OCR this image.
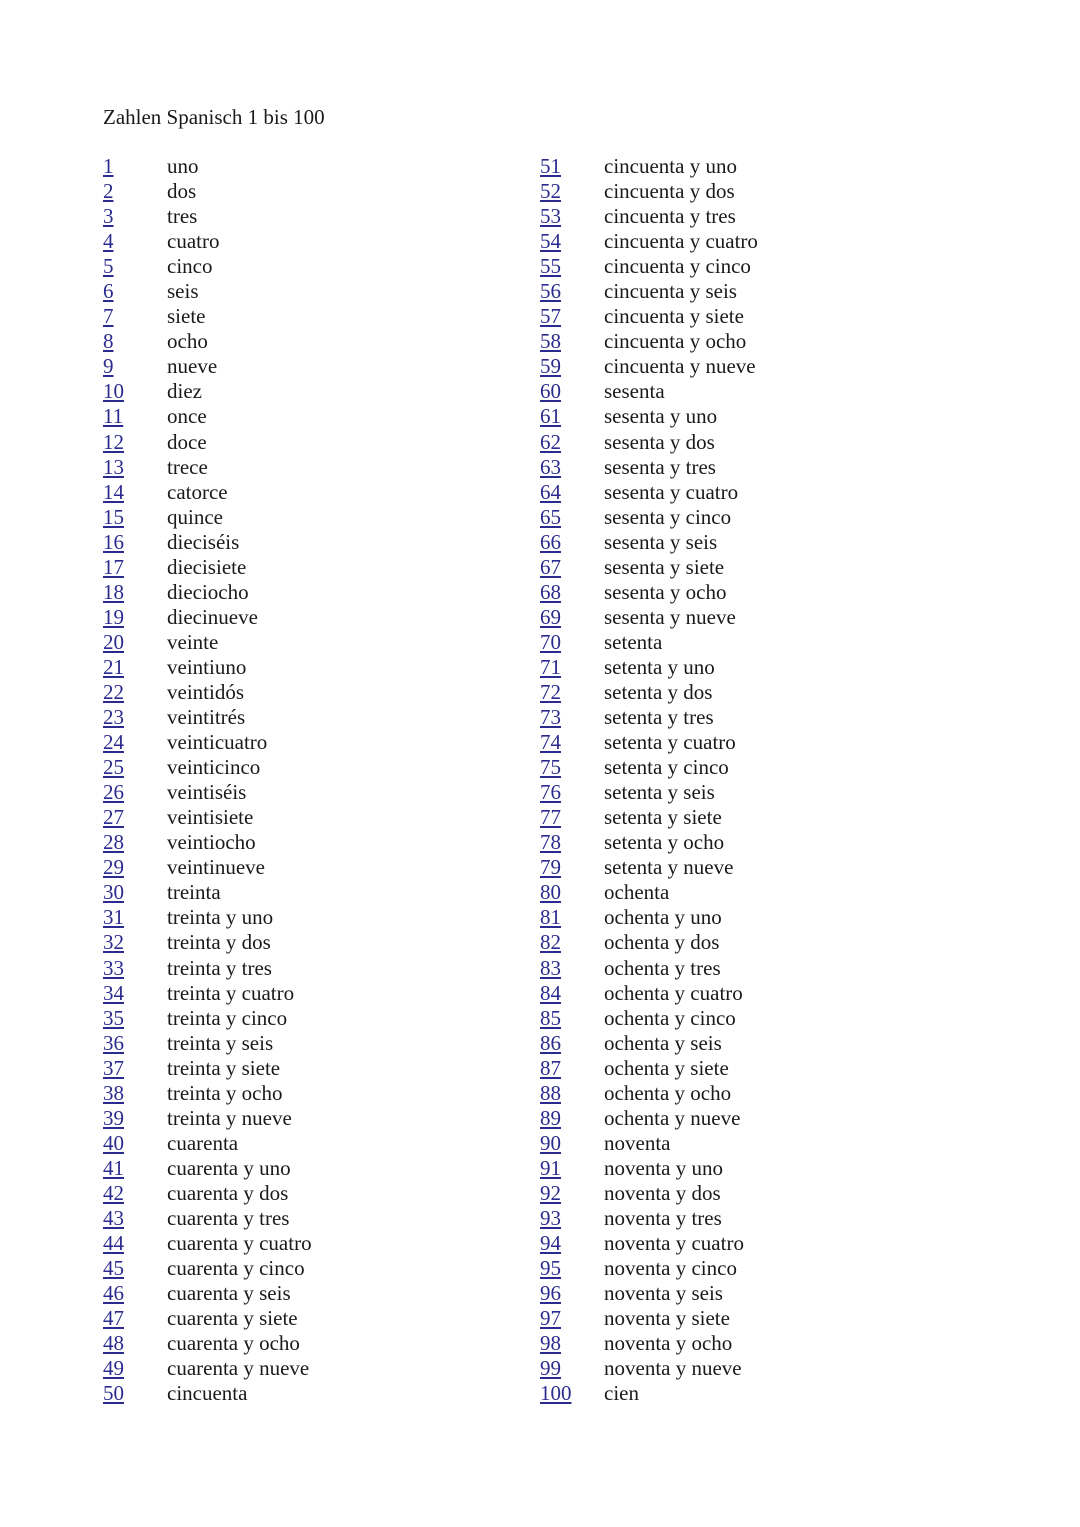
Zahlen Spanisch 1 bis 100
1	uno
2	dos
3	tres
4	cuatro
5	cinco
6	seis
7	siete
8	ocho
9	nueve
10 diez
11 once
12 doce
13 trece
14 catorce
15 quince
16 dieciséis
17 diecisiete
18 dieciocho
19 diecinueve
20 veinte
21 veintiuno
22 veintidós
23 veintitrés
24 veinticuatro
25 veinticinco
26 veintiséis
27 veintisiete
28 veintiocho
29 veintinueve
30 treinta
31 treinta y uno
32 treinta y dos
33 treinta y tres
34 treinta y cuatro
35 treinta y cinco
36 treinta y seis
37 treinta y siete
38 treinta y ocho
39 treinta y nueve
40 cuarenta
41 cuarenta y uno
42 cuarenta y dos
43 cuarenta y tres
44 cuarenta y cuatro
45 cuarenta y cinco
46 cuarenta y seis
47 cuarenta y siete
48 cuarenta y ocho
49 cuarenta y nueve
50 cincuenta
51 cincuenta y uno
52 cincuenta y dos
53 cincuenta y tres
54 cincuenta y cuatro
55 cincuenta y cinco
56 cincuenta y seis
57 cincuenta y siete
58 cincuenta y ocho
59 cincuenta y nueve
60 sesenta
61 sesenta y uno
62 sesenta y dos
63 sesenta y tres
64 sesenta y cuatro
65 sesenta y cinco
66 sesenta y seis
67 sesenta y siete
68 sesenta y ocho
69 sesenta y nueve
70 setenta
71 setenta y uno
72 setenta y dos
73 setenta y tres
74 setenta y cuatro
75 setenta y cinco
76 setenta y seis
77 setenta y siete
78 setenta y ocho
79 setenta y nueve
80 ochenta
81 ochenta y uno
82 ochenta y dos
83 ochenta y tres
84 ochenta y cuatro
85 ochenta y cinco
86 ochenta y seis
87 ochenta y siete
88 ochenta y ocho
89 ochenta y nueve
90 noventa
91 noventa y uno
92 noventa y dos
93 noventa y tres
94 noventa y cuatro
95 noventa y cinco
96 noventa y seis
97 noventa y siete
98 noventa y ocho
99 noventa y nueve
100 cien
